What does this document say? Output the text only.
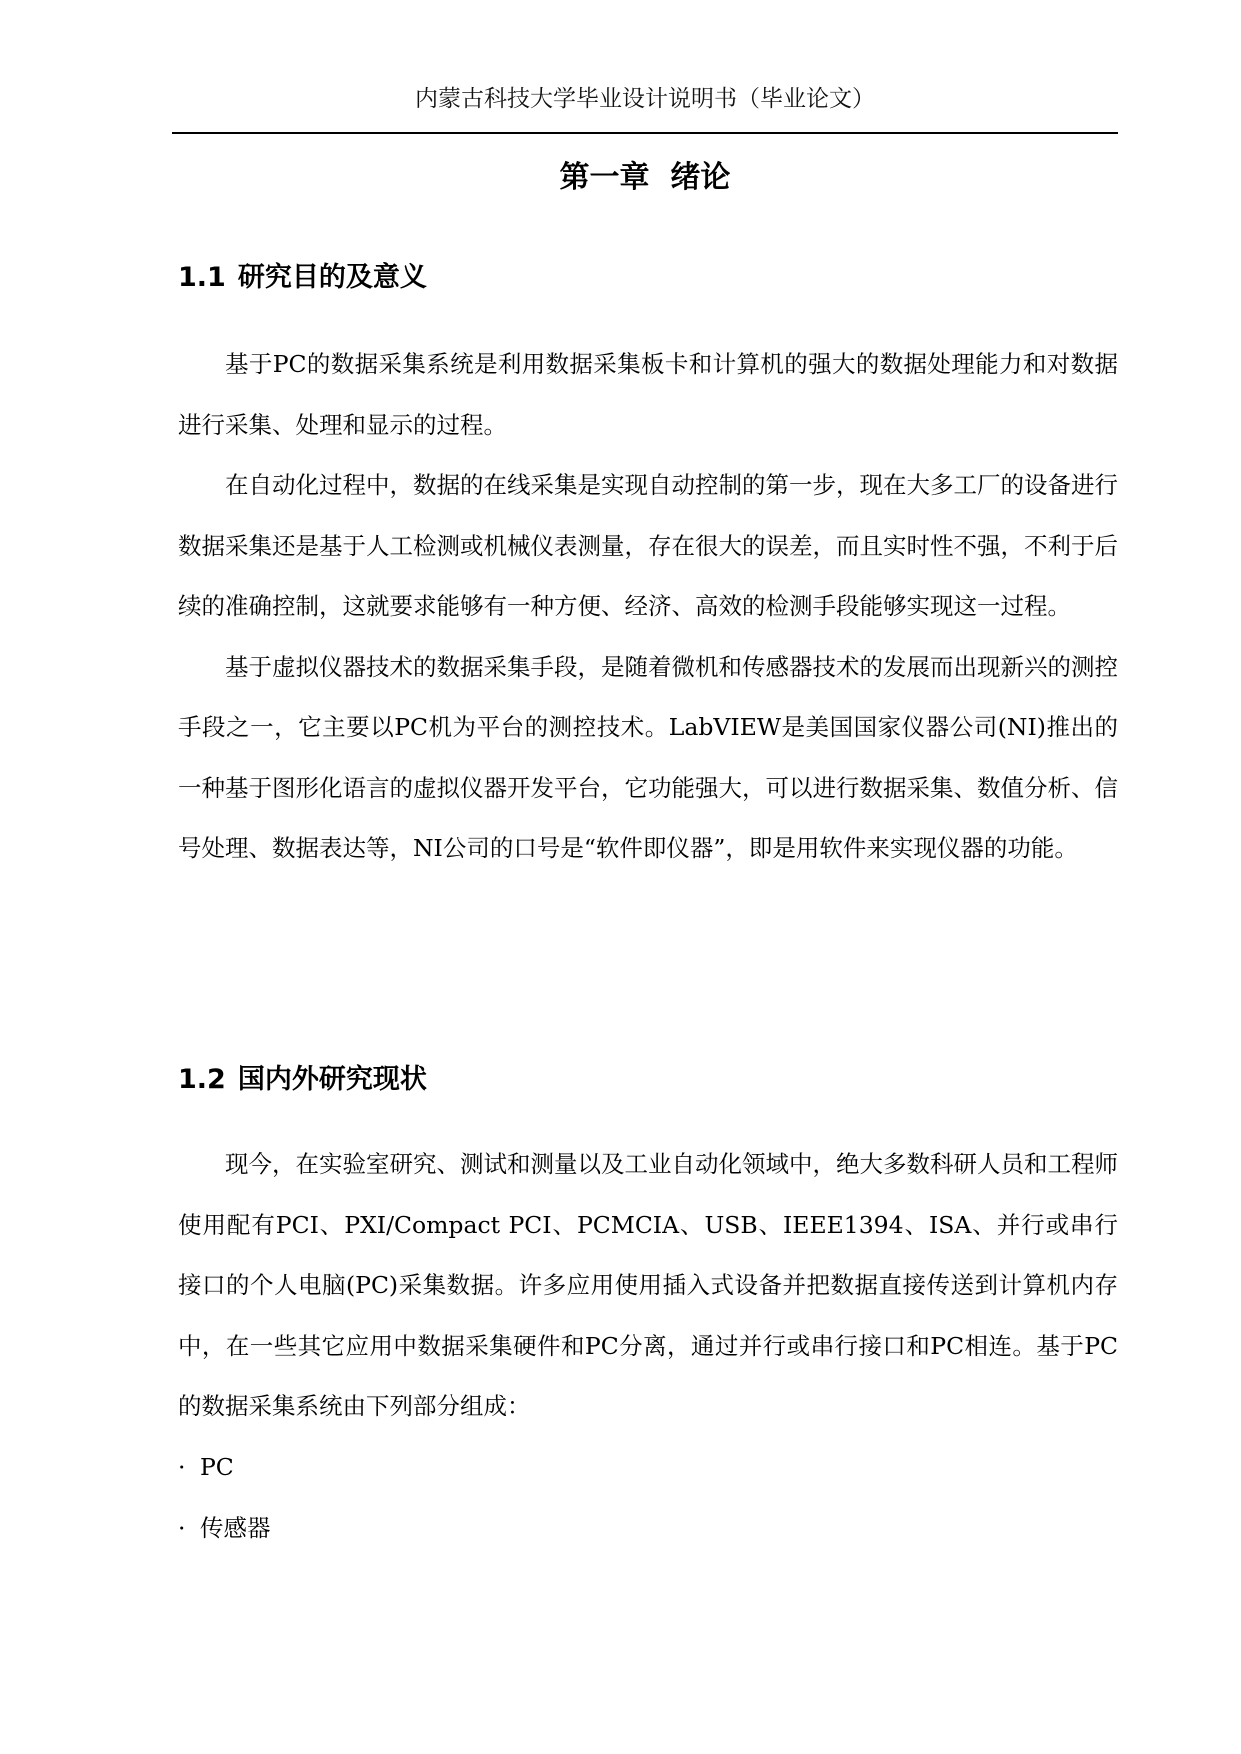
内蒙古科技大学毕业设计说明书（毕业论文）
第一章  绪论
1.1 研究目的及意义

基于PC的数据采集系统是利用数据采集板卡和计算机的强大的数据处理能力和对数据进行采集、处理和显示的过程。

在自动化过程中，数据的在线采集是实现自动控制的第一步，现在大多工厂的设备进行数据采集还是基于人工检测或机械仪表测量，存在很大的误差，而且实时性不强，不利于后续的准确控制，这就要求能够有一种方便、经济、高效的检测手段能够实现这一过程。

基于虚拟仪器技术的数据采集手段，是随着微机和传感器技术的发展而出现新兴的测控手段之一，它主要以PC机为平台的测控技术。LabVIEW是美国国家仪器公司(NI)推出的一种基于图形化语言的虚拟仪器开发平台，它功能强大，可以进行数据采集、数值分析、信号处理、数据表达等，NI公司的口号是“软件即仪器”，即是用软件来实现仪器的功能。

1.2 国内外研究现状

现今，在实验室研究、测试和测量以及工业自动化领域中，绝大多数科研人员和工程师使用配有PCI、PXI/Compact PCI、PCMCIA、USB、IEEE1394、ISA、并行或串行接口的个人电脑(PC)采集数据。许多应用使用插入式设备并把数据直接传送到计算机内存中，在一些其它应用中数据采集硬件和PC分离，通过并行或串行接口和PC相连。基于PC的数据采集系统由下列部分组成：

· PC
· 传感器
